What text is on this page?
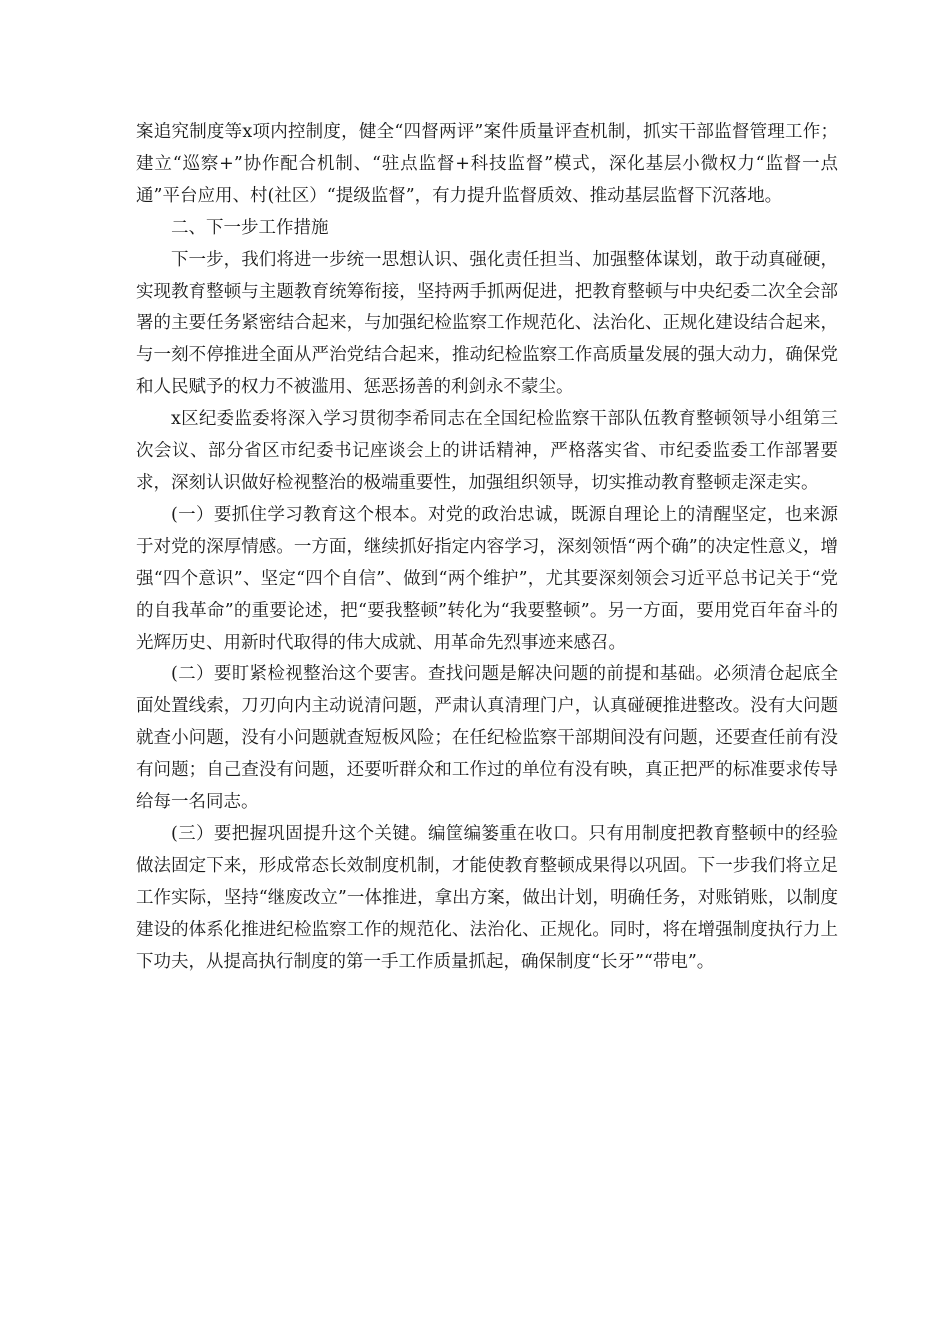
案追究制度等x项内控制度，健全“四督两评”案件质量评查机制，抓实干部监督管理工作；建立“巡察+”协作配合机制、“驻点监督+科技监督”模式，深化基层小微权力“监督一点通”平台应用、村(社区）“提级监督”，有力提升监督质效、推动基层监督下沉落地。

二、下一步工作措施

下一步，我们将进一步统一思想认识、强化责任担当、加强整体谋划，敢于动真碰硬，实现教育整顿与主题教育统筹衔接，坚持两手抓两促进，把教育整顿与中央纪委二次全会部署的主要任务紧密结合起来，与加强纪检监察工作规范化、法治化、正规化建设结合起来，与一刻不停推进全面从严治党结合起来，推动纪检监察工作高质量发展的强大动力，确保党和人民赋予的权力不被滥用、惩恶扬善的利剑永不蒙尘。

x区纪委监委将深入学习贯彻李希同志在全国纪检监察干部队伍教育整顿领导小组第三次会议、部分省区市纪委书记座谈会上的讲话精神，严格落实省、市纪委监委工作部署要求，深刻认识做好检视整治的极端重要性，加强组织领导，切实推动教育整顿走深走实。

(一）要抓住学习教育这个根本。对党的政治忠诚，既源自理论上的清醒坚定，也来源于对党的深厚情感。一方面，继续抓好指定内容学习，深刻领悟“两个确”的决定性意义，增强“四个意识”、坚定“四个自信”、做到“两个维护”，尤其要深刻领会习近平总书记关于“党的自我革命”的重要论述，把“要我整顿”转化为“我要整顿”。另一方面，要用党百年奋斗的光辉历史、用新时代取得的伟大成就、用革命先烈事迹来感召。

(二）要盯紧检视整治这个要害。查找问题是解决问题的前提和基础。必须清仓起底全面处置线索，刀刃向内主动说清问题，严肃认真清理门户，认真碰硬推进整改。没有大问题就查小问题，没有小问题就查短板风险；在任纪检监察干部期间没有问题，还要查任前有没有问题；自己查没有问题，还要听群众和工作过的单位有没有映，真正把严的标准要求传导给每一名同志。

(三）要把握巩固提升这个关键。编筐编篓重在收口。只有用制度把教育整顿中的经验做法固定下来，形成常态长效制度机制，才能使教育整顿成果得以巩固。下一步我们将立足工作实际，坚持“继废改立”一体推进，拿出方案，做出计划，明确任务，对账销账，以制度建设的体系化推进纪检监察工作的规范化、法治化、正规化。同时，将在增强制度执行力上下功夫，从提高执行制度的第一手工作质量抓起，确保制度“长牙”“带电”。
